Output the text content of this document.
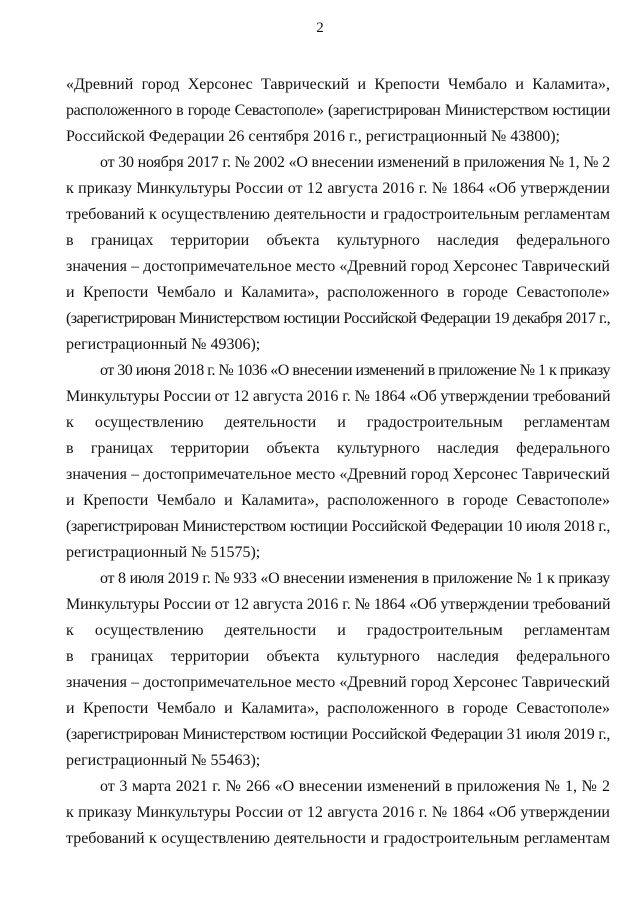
2
«Древний город Херсонес Таврический и Крепости Чембало и Каламита»,
расположенного в городе Севастополе» (зарегистрирован Министерством юстиции
Российской Федерации 26 сентября 2016 г., регистрационный № 43800);
от 30 ноября 2017 г. № 2002 «О внесении изменений в приложения № 1, № 2
к приказу Минкультуры России от 12 августа 2016 г. № 1864 «Об утверждении
требований к осуществлению деятельности и градостроительным регламентам
в границах территории объекта культурного наследия федерального
значения – достопримечательное место «Древний город Херсонес Таврический
и Крепости Чембало и Каламита», расположенного в городе Севастополе»
(зарегистрирован Министерством юстиции Российской Федерации 19 декабря 2017 г.,
регистрационный № 49306);
от 30 июня 2018 г. № 1036 «О внесении изменений в приложение № 1 к приказу
Минкультуры России от 12 августа 2016 г. № 1864 «Об утверждении требований
к осуществлению деятельности и градостроительным регламентам
в границах территории объекта культурного наследия федерального
значения – достопримечательное место «Древний город Херсонес Таврический
и Крепости Чембало и Каламита», расположенного в городе Севастополе»
(зарегистрирован Министерством юстиции Российской Федерации 10 июля 2018 г.,
регистрационный № 51575);
от 8 июля 2019 г. № 933 «О внесении изменения в приложение № 1 к приказу
Минкультуры России от 12 августа 2016 г. № 1864 «Об утверждении требований
к осуществлению деятельности и градостроительным регламентам
в границах территории объекта культурного наследия федерального
значения – достопримечательное место «Древний город Херсонес Таврический
и Крепости Чембало и Каламита», расположенного в городе Севастополе»
(зарегистрирован Министерством юстиции Российской Федерации 31 июля 2019 г.,
регистрационный № 55463);
от 3 марта 2021 г. № 266 «О внесении изменений в приложения № 1, № 2
к приказу Минкультуры России от 12 августа 2016 г. № 1864 «Об утверждении
требований к осуществлению деятельности и градостроительным регламентам
